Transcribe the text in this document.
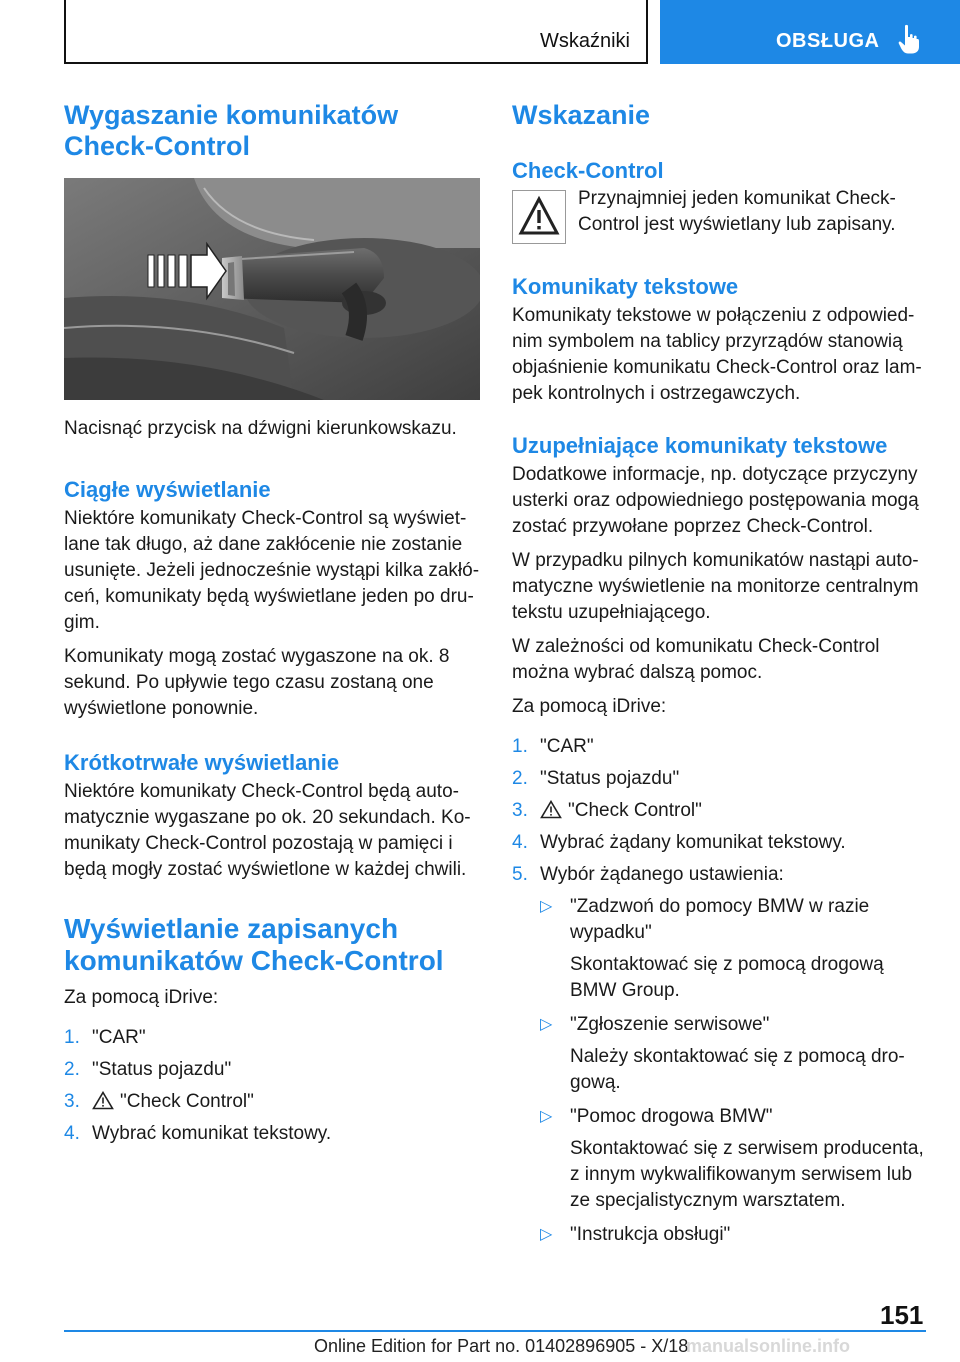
Wskaźniki	OBSŁUGA
Wygaszanie komunikatów Check-Control

Nacisnąć przycisk na dźwigni kierunkowskazu.

Ciągłe wyświetlanie

Niektóre komunikaty Check-Control są wyświet-lane tak długo, aż dane zakłócenie nie zostanie usunięte. Jeżeli jednocześnie wystąpi kilka zakłó-ceń, komunikaty będą wyświetlane jeden po dru-gim.

Komunikaty mogą zostać wygaszone na ok. 8 sekund. Po upływie tego czasu zostaną one wyświetlone ponownie.

Krótkotrwałe wyświetlanie

Niektóre komunikaty Check-Control będą auto-matycznie wygaszane po ok. 20 sekundach. Ko-munikaty Check-Control pozostają w pamięci i będą mogły zostać wyświetlone w każdej chwili.

Wyświetlanie zapisanych komunikatów Check-Control

Za pomocą iDrive:

1. "CAR"

2. "Status pojazdu"

3. "Check Control"

4. Wybrać komunikat tekstowy.

Wskazanie
Check-Control

Przynajmniej jeden komunikat Check-Control jest wyświetlany lub zapisany.

Komunikaty tekstowe

Komunikaty tekstowe w połączeniu z odpowied-nim symbolem na tablicy przyrządów stanowią objaśnienie komunikatu Check-Control oraz lam-pek kontrolnych i ostrzegawczych.

Uzupełniające komunikaty tekstowe

Dodatkowe informacje, np. dotyczące przyczyny usterki oraz odpowiedniego postępowania mogą zostać przywołane poprzez Check-Control.

W przypadku pilnych komunikatów nastąpi auto-matyczne wyświetlenie na monitorze centralnym tekstu uzupełniającego.

W zależności od komunikatu Check-Control można wybrać dalszą pomoc.

Za pomocą iDrive:

1. "CAR"

2. "Status pojazdu"

3. "Check Control"

4. Wybrać żądany komunikat tekstowy.

5. Wybór żądanego ustawienia:

▷ "Zadzwoń do pomocy BMW w razie wypadku"

Skontaktować się z pomocą drogową BMW Group.

▷ "Zgłoszenie serwisowe"

Należy skontaktować się z pomocą dro-gową.

▷ "Pomoc drogowa BMW"

Skontaktować się z serwisem producenta, z innym wykwalifikowanym serwisem lub ze specjalistycznym warsztatem.

▷ "Instrukcja obsługi"

151
Online Edition for Part no. 01402896905 - X/18
manualsonline.info
